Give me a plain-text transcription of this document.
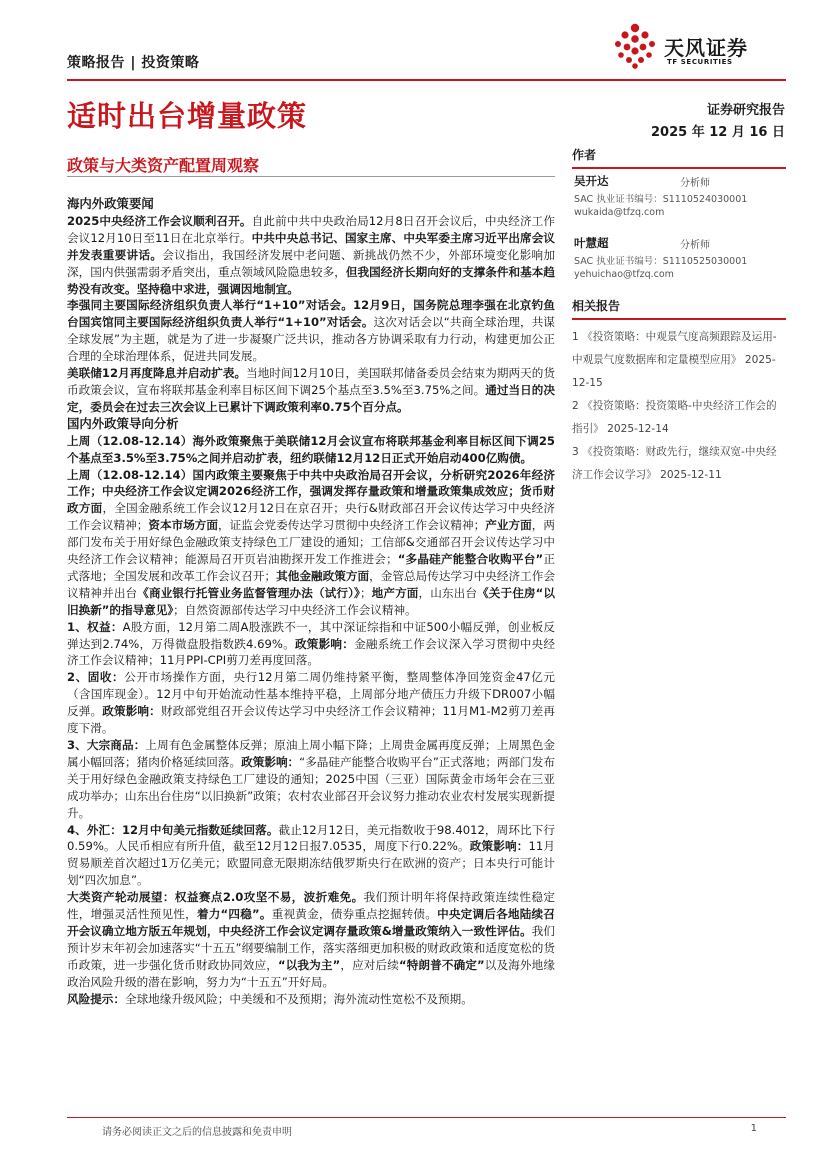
策略报告 | 投资策略
天风证券
TF SECURITIES
适时出台增量政策	证券研究报告
2025 年 12 月 16 日
政策与大类资产配置周观察

海内外政策要闻

2025中央经济工作会议顺利召开。自此前中共中央政治局12月8日召开会议后，中央经济工作会议12月10日至11日在北京举行。中共中央总书记、国家主席、中央军委主席习近平出席会议并发表重要讲话。会议指出，我国经济发展中老问题、新挑战仍然不少，外部环境变化影响加深，国内供强需弱矛盾突出，重点领域风险隐患较多，但我国经济长期向好的支撑条件和基本趋势没有改变。坚持稳中求进，强调因地制宜。

李强同主要国际经济组织负责人举行“1+10”对话会。12月9日，国务院总理李强在北京钓鱼台国宾馆同主要国际经济组织负责人举行“1+10”对话会。这次对话会以“共商全球治理，共谋全球发展”为主题，就是为了进一步凝聚广泛共识，推动各方协调采取有力行动，构建更加公正合理的全球治理体系，促进共同发展。

美联储12月再度降息并启动扩表。当地时间12月10日，美国联邦储备委员会结束为期两天的货币政策会议，宣布将联邦基金利率目标区间下调25个基点至3.5%至3.75%之间。通过当日的决定，委员会在过去三次会议上已累计下调政策利率0.75个百分点。

国内外政策导向分析

上周（12.08-12.14）海外政策聚焦于美联储12月会议宣布将联邦基金利率目标区间下调25个基点至3.5%至3.75%之间并启动扩表，纽约联储12月12日正式开始启动400亿购债。

上周（12.08-12.14）国内政策主要聚焦于中共中央政治局召开会议，分析研究2026年经济工作；中央经济工作会议定调2026经济工作，强调发挥存量政策和增量政策集成效应；货币财政方面，全国金融系统工作会议12月12日在京召开；央行&财政部召开会议传达学习中央经济工作会议精神；资本市场方面，证监会党委传达学习贯彻中央经济工作会议精神；产业方面，两部门发布关于用好绿色金融政策支持绿色工厂建设的通知；工信部&交通部召开会议传达学习中央经济工作会议精神；能源局召开页岩油勘探开发工作推进会；“多晶硅产能整合收购平台”正式落地；全国发展和改革工作会议召开；其他金融政策方面，金管总局传达学习中央经济工作会议精神并出台《商业银行托管业务监督管理办法（试行）》；地产方面，山东出台《关于住房“以旧换新”的指导意见》；自然资源部传达学习中央经济工作会议精神。

1、权益：A股方面，12月第二周A股涨跌不一，其中深证综指和中证500小幅反弹，创业板反弹达到2.74%，万得微盘股指数跌4.69%。政策影响：金融系统工作会议深入学习贯彻中央经济工作会议精神；11月PPI-CPI剪刀差再度回落。

2、固收：公开市场操作方面，央行12月第二周仍维持紧平衡，整周整体净回笼资金47亿元（含国库现金）。12月中旬开始流动性基本维持平稳，上周部分地产债压力升级下DR007小幅反弹。政策影响：财政部党组召开会议传达学习中央经济工作会议精神；11月M1-M2剪刀差再度下滑。

3、大宗商品：上周有色金属整体反弹；原油上周小幅下降；上周贵金属再度反弹；上周黑色金属小幅回落；猪肉价格延续回落。政策影响：“多晶硅产能整合收购平台”正式落地；两部门发布关于用好绿色金融政策支持绿色工厂建设的通知；2025中国（三亚）国际黄金市场年会在三亚成功举办；山东出台住房“以旧换新”政策；农村农业部召开会议努力推动农业农村发展实现新提升。

4、外汇：12月中旬美元指数延续回落。截止12月12日，美元指数收于98.4012，周环比下行0.59%。人民币相应有所升值，截至12月12日报7.0535，周度下行0.22%。政策影响：11月贸易顺差首次超过1万亿美元；欧盟同意无限期冻结俄罗斯央行在欧洲的资产；日本央行可能计划“四次加息”。

大类资产轮动展望：权益赛点2.0攻坚不易，波折难免。我们预计明年将保持政策连续性稳定性，增强灵活性预见性，着力“四稳”。重视黄金，债券重点挖掘转债。中央定调后各地陆续召开会议确立地方版五年规划，中央经济工作会议定调存量政策&增量政策纳入一致性评估。我们预计岁末年初会加速落实“十五五”纲要编制工作，落实落细更加积极的财政政策和适度宽松的货币政策，进一步强化货币财政协同效应，“以我为主”，应对后续“特朗普不确定”以及海外地缘政治风险升级的潜在影响，努力为“十五五”开好局。

风险提示：全球地缘升级风险；中美缓和不及预期；海外流动性宽松不及预期。

作者
吴开达	分析师
SAC 执业证书编号：S1110524030001
wukaida@tfzq.com
叶慧超	分析师
SAC 执业证书编号：S1110525030001
yehuichao@tfzq.com
相关报告
1 《投资策略：中观景气度高频跟踪及运用-中观景气度数据库和定量模型应用》 2025-12-15
2 《投资策略：投资策略-中央经济工作会的指引》 2025-12-14
3 《投资策略：财政先行，继续双宽-中央经济工作会议学习》 2025-12-11
请务必阅读正文之后的信息披露和免责申明	1
